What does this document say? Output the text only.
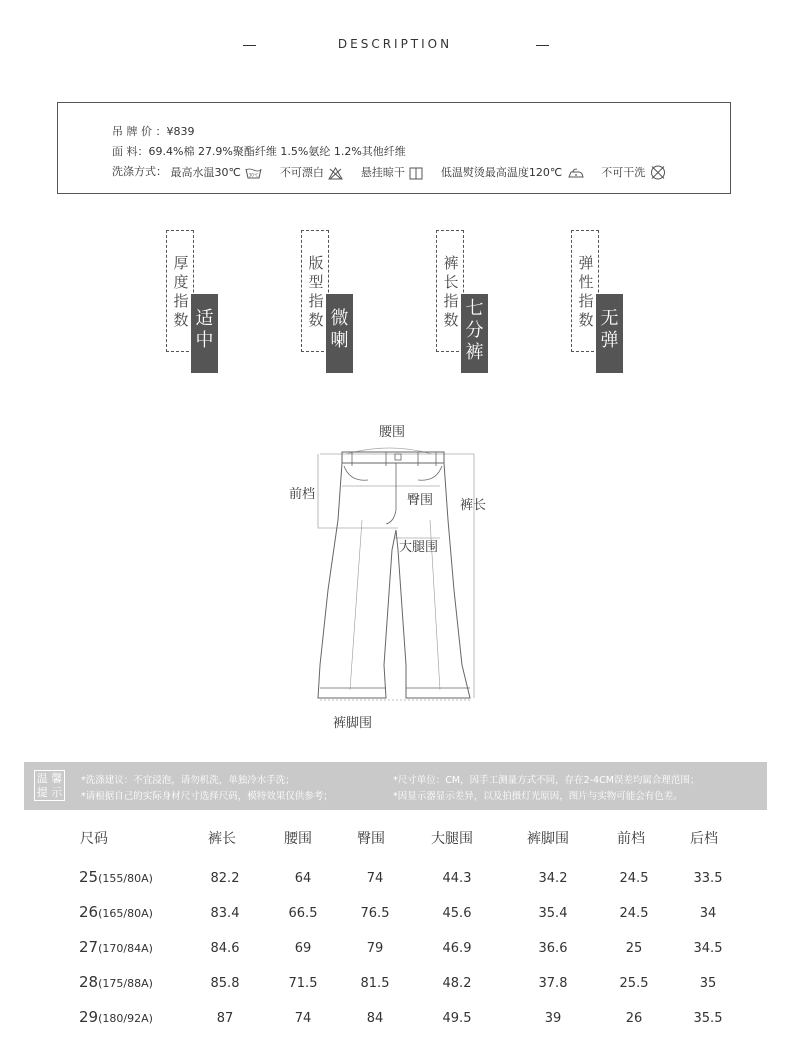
DESCRIPTION
吊 牌 价 ：¥839
面 料：69.4%棉 27.9%聚酯纤维 1.5%氨纶 1.2%其他纤维
洗涤方式： 最高水温30℃ 30℃ 不可漂白	悬挂晾干	低温熨烫最高温度120℃	不可干洗
厚度指数 适中
版型指数 微喇
裤长指数
七分裤
弹性指数 无弹
腰围
前档	臀围 裤长
大腿围
裤脚围
温 馨
提 示
*洗涤建议：不宜浸泡，请勿机洗，单独冷水手洗；
*请根据自己的实际身材尺寸选择尺码，模特效果仅供参考；
*尺寸单位：CM，因手工测量方式不同，存在2-4CM误差均属合理范围；
*因显示器显示差异，以及拍摄灯光原因，图片与实物可能会有色差。
尺码	裤长	腰围	臀围	大腿围	裤脚围	前档	后档
25(155/80A)	82.2	64	74	44.3	34.2	24.5	33.5
26(165/80A)	83.4	66.5	76.5	45.6	35.4	24.5	34
27(170/84A)	84.6	69	79	46.9	36.6	25	34.5
28(175/88A)	85.8	71.5	81.5	48.2	37.8	25.5	35
29(180/92A)	87	74	84	49.5	39	26	35.5
